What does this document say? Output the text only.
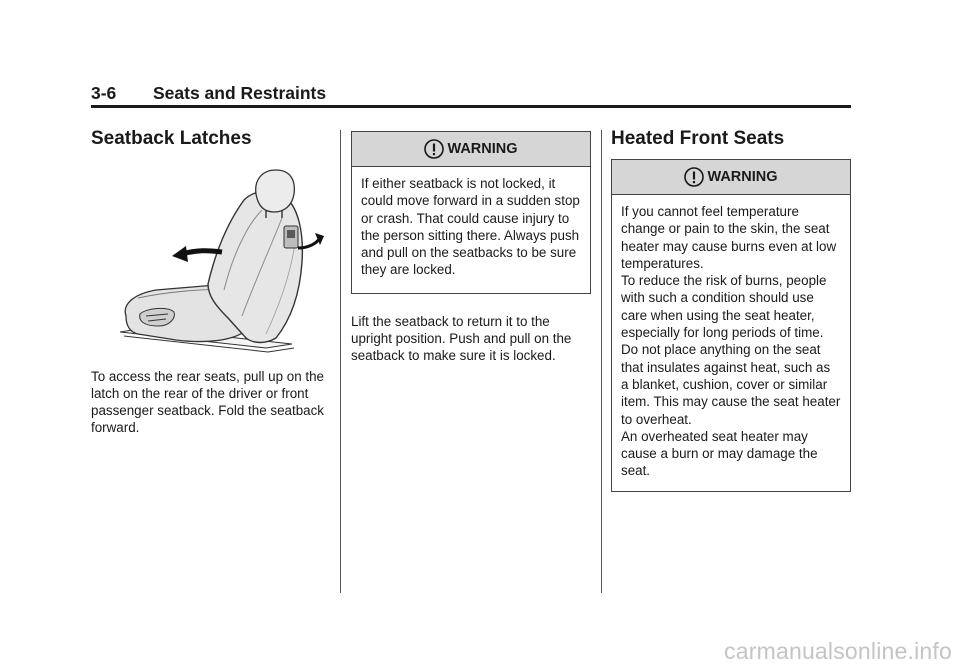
3-6 Seats and Restraints
Seatback Latches

To access the rear seats, pull up on the latch on the rear of the driver or front passenger seatback. Fold the seatback forward.

WARNING

If either seatback is not locked, it could move forward in a sudden stop or crash. That could cause injury to the person sitting there. Always push and pull on the seatbacks to be sure they are locked.

Lift the seatback to return it to the upright position. Push and pull on the seatback to make sure it is locked.

Heated Front Seats
WARNING

If you cannot feel temperature change or pain to the skin, the seat heater may cause burns even at low temperatures.

To reduce the risk of burns, people with such a condition should use care when using the seat heater, especially for long periods of time. Do not place anything on the seat that insulates against heat, such as a blanket, cushion, cover or similar item. This may cause the seat heater to overheat.

An overheated seat heater may cause a burn or may damage the seat.

carmanualsonline.info
